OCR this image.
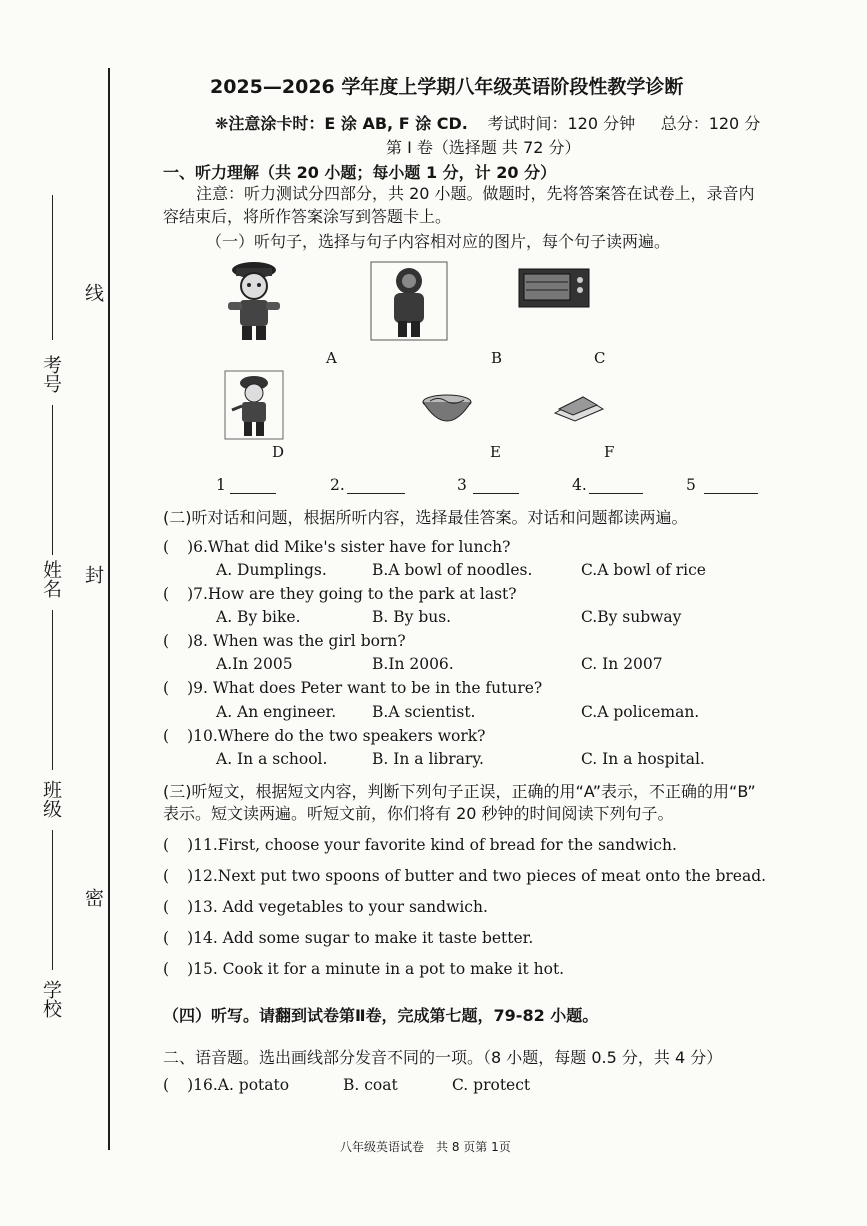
考号
姓名
班级
学校
线
封
密
2025—2026 学年度上学期八年级英语阶段性教学诊断
❋注意涂卡时：E 涂 AB, F 涂 CD. 考试时间：120 分钟 总分：120 分
第 I 卷（选择题 共 72 分）
一、听力理解（共 20 小题；每小题 1 分，计 20 分）
注意：听力测试分四部分，共 20 小题。做题时，先将答案答在试卷上，录音内
容结束后，将所作答案涂写到答题卡上。
（一）听句子，选择与句子内容相对应的图片，每个句子读两遍。
A	B	C
D	E	F
1	2.	3	4.	5
(二)听对话和问题，根据所听内容，选择最佳答案。对话和问题都读两遍。
( )6.What did Mike's sister have for lunch?
A. Dumplings.	B.A bowl of noodles.	C.A bowl of rice
( )7.How are they going to the park at last?
A. By bike.	B. By bus.	C.By subway
( )8. When was the girl born?
A.In 2005	B.In 2006.	C. In 2007
( )9. What does Peter want to be in the future?
A. An engineer. B.A scientist.	C.A policeman.
( )10.Where do the two speakers work?
A. In a school.	B. In a library.	C. In a hospital.
(三)听短文，根据短文内容，判断下列句子正误，正确的用“A”表示，不正确的用“B”
表示。短文读两遍。听短文前，你们将有 20 秒钟的时间阅读下列句子。
( )11.First, choose your favorite kind of bread for the sandwich.
( )12.Next put two spoons of butter and two pieces of meat onto the bread.
( )13. Add vegetables to your sandwich.
( )14. Add some sugar to make it taste better.
( )15. Cook it for a minute in a pot to make it hot.
（四）听写。请翻到试卷第Ⅱ卷，完成第七题，79-82 小题。
二、语音题。选出画线部分发音不同的一项。（8 小题，每题 0.5 分，共 4 分）
( )16.A. potato	B. coat	C. protect
八年级英语试卷　共 8 页第 1页
